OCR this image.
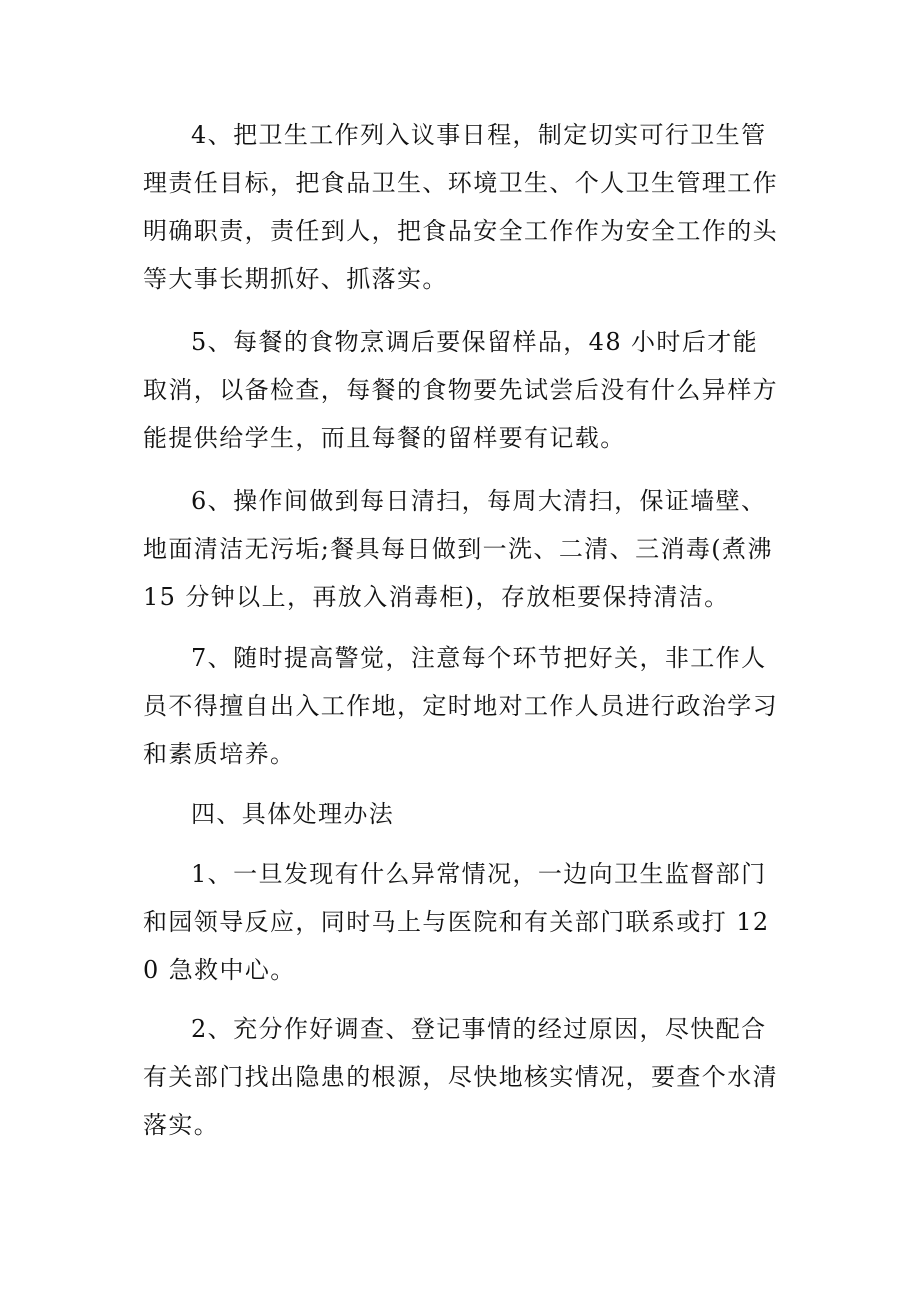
4、把卫生工作列入议事日程，制定切实可行卫生管理责任目标，把食品卫生、环境卫生、个人卫生管理工作明确职责，责任到人，把食品安全工作作为安全工作的头等大事长期抓好、抓落实。

5、每餐的食物烹调后要保留样品，48 小时后才能取消，以备检查，每餐的食物要先试尝后没有什么异样方能提供给学生，而且每餐的留样要有记载。

6、操作间做到每日清扫，每周大清扫，保证墙壁、地面清洁无污垢;餐具每日做到一洗、二清、三消毒(煮沸 15 分钟以上，再放入消毒柜)，存放柜要保持清洁。

7、随时提高警觉，注意每个环节把好关，非工作人员不得擅自出入工作地，定时地对工作人员进行政治学习和素质培养。

四、具体处理办法

1、一旦发现有什么异常情况，一边向卫生监督部门和园领导反应，同时马上与医院和有关部门联系或打 120 急救中心。

2、充分作好调查、登记事情的经过原因，尽快配合有关部门找出隐患的根源，尽快地核实情况，要查个水清落实。
